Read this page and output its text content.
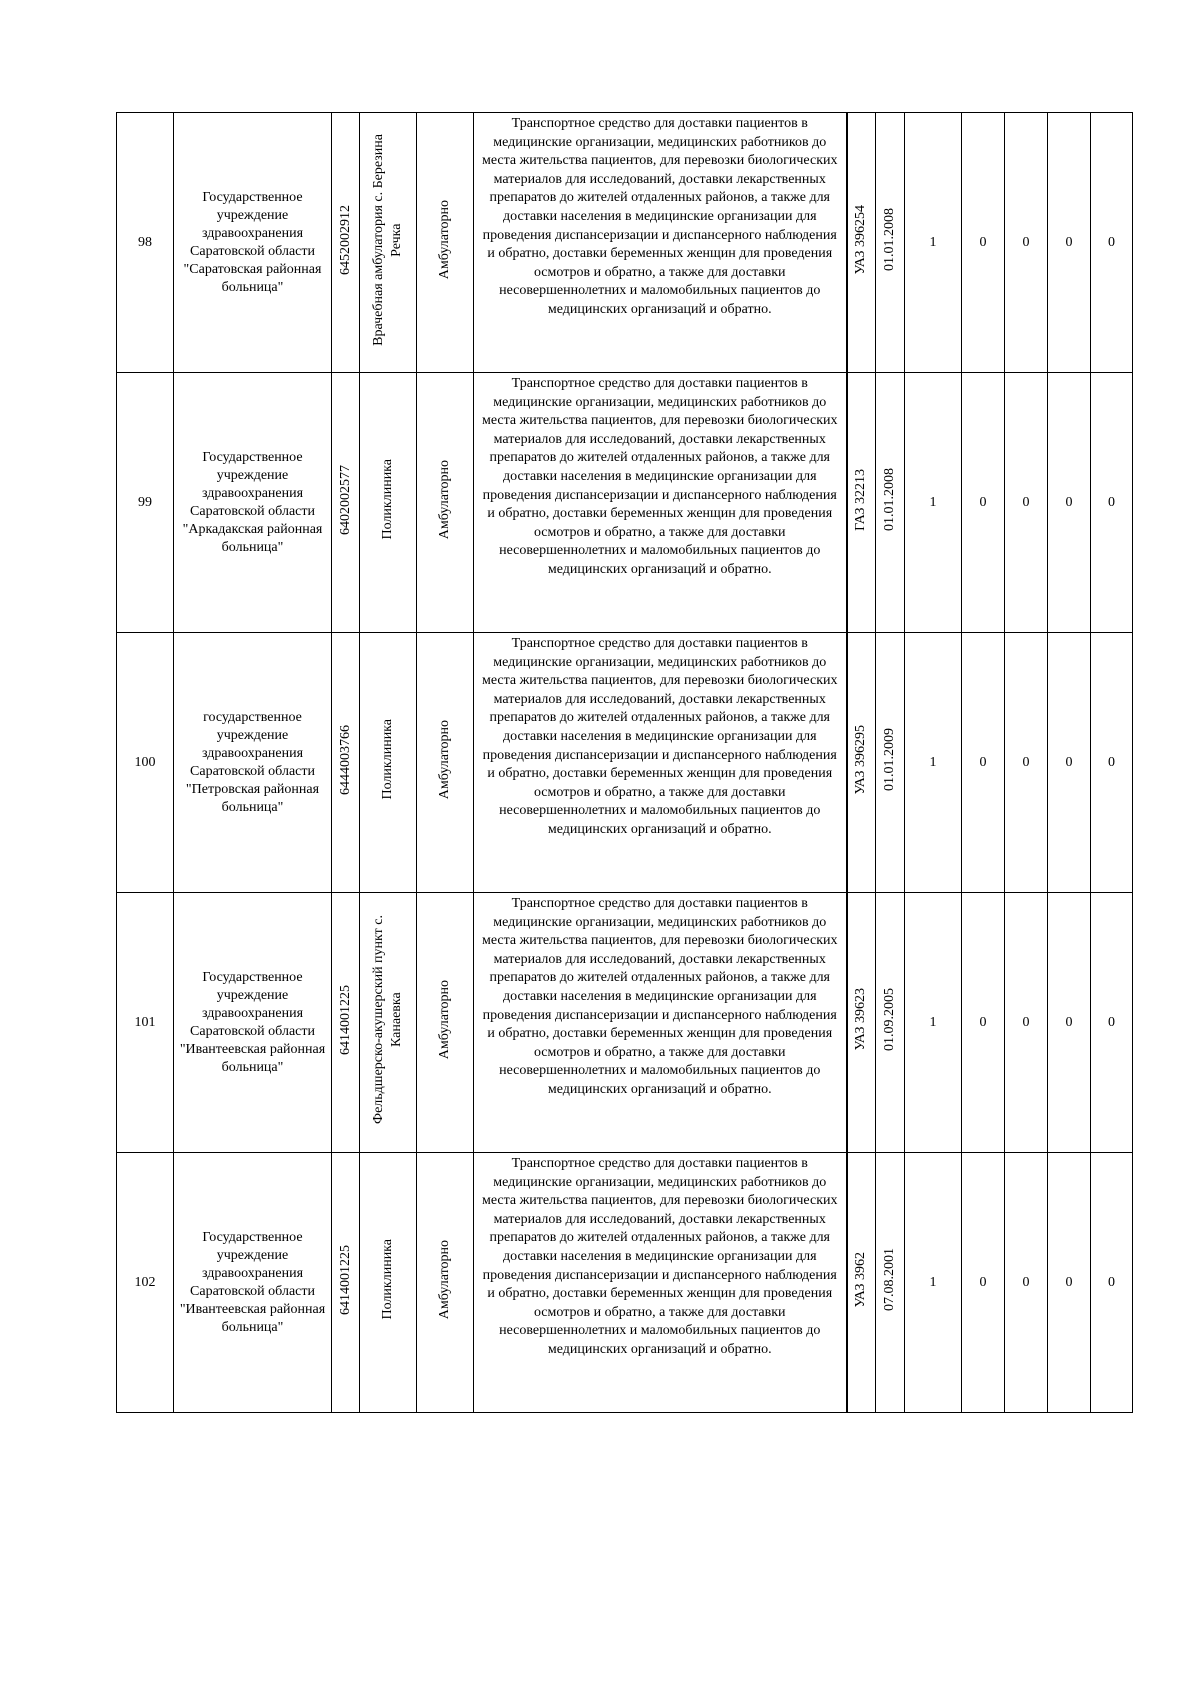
98	Государственное учреждение здравоохранения Саратовской области "Саратовская районная больница"	6452002912	Врачебная амбулатория с. Березина Речка	Амбулаторно	Транспортное средство для доставки пациентов в медицинские организации, медицинских работников до места жительства пациентов, для перевозки биологических материалов для исследований, доставки лекарственных препаратов до жителей отдаленных районов, а также для доставки населения в медицинские организации для проведения диспансеризации и диспансерного наблюдения и обратно, доставки беременных женщин для проведения осмотров и обратно, а также для доставки несовершеннолетних и маломобильных пациентов до медицинских организаций и обратно.	УАЗ 396254	01.01.2008	1	0	0	0	0
99	Государственное учреждение здравоохранения Саратовской области "Аркадакская районная больница"	6402002577	Поликлиника	Амбулаторно	Транспортное средство для доставки пациентов в медицинские организации, медицинских работников до места жительства пациентов, для перевозки биологических материалов для исследований, доставки лекарственных препаратов до жителей отдаленных районов, а также для доставки населения в медицинские организации для проведения диспансеризации и диспансерного наблюдения и обратно, доставки беременных женщин для проведения осмотров и обратно, а также для доставки несовершеннолетних и маломобильных пациентов до медицинских организаций и обратно.	ГАЗ 32213	01.01.2008	1	0	0	0	0
100	государственное учреждение здравоохранения Саратовской области "Петровская районная больница"	6444003766	Поликлиника	Амбулаторно	Транспортное средство для доставки пациентов в медицинские организации, медицинских работников до места жительства пациентов, для перевозки биологических материалов для исследований, доставки лекарственных препаратов до жителей отдаленных районов, а также для доставки населения в медицинские организации для проведения диспансеризации и диспансерного наблюдения и обратно, доставки беременных женщин для проведения осмотров и обратно, а также для доставки несовершеннолетних и маломобильных пациентов до медицинских организаций и обратно.	УАЗ 396295	01.01.2009	1	0	0	0	0
101	Государственное учреждение здравоохранения Саратовской области "Ивантеевская районная больница"	6414001225	Фельдшерско-акушерский пункт с. Канаевка	Амбулаторно	Транспортное средство для доставки пациентов в медицинские организации, медицинских работников до места жительства пациентов, для перевозки биологических материалов для исследований, доставки лекарственных препаратов до жителей отдаленных районов, а также для доставки населения в медицинские организации для проведения диспансеризации и диспансерного наблюдения и обратно, доставки беременных женщин для проведения осмотров и обратно, а также для доставки несовершеннолетних и маломобильных пациентов до медицинских организаций и обратно.	УАЗ 39623	01.09.2005	1	0	0	0	0
102	Государственное учреждение здравоохранения Саратовской области "Ивантеевская районная больница"	6414001225	Поликлиника	Амбулаторно	Транспортное средство для доставки пациентов в медицинские организации, медицинских работников до места жительства пациентов, для перевозки биологических материалов для исследований, доставки лекарственных препаратов до жителей отдаленных районов, а также для доставки населения в медицинские организации для проведения диспансеризации и диспансерного наблюдения и обратно, доставки беременных женщин для проведения осмотров и обратно, а также для доставки несовершеннолетних и маломобильных пациентов до медицинских организаций и обратно.	УАЗ 3962	07.08.2001	1	0	0	0	0
